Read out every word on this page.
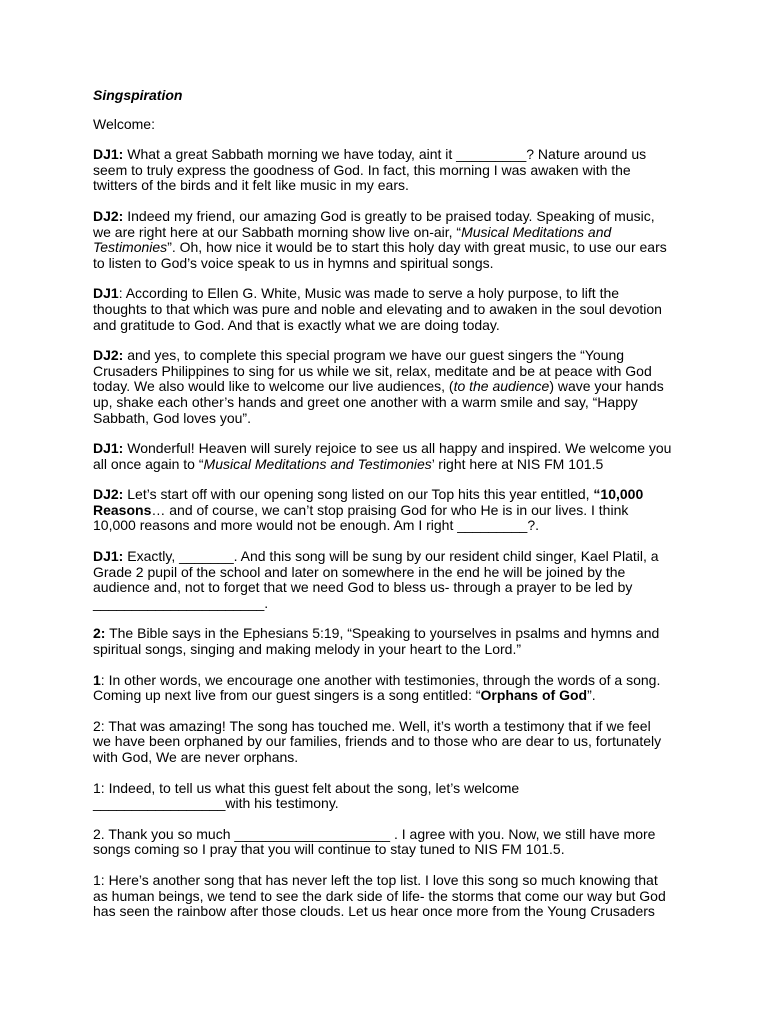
Singspiration

Welcome:

DJ1: What a great Sabbath morning we have today, aint it _________? Nature around us seem to truly express the goodness of God. In fact, this morning I was awaken with the twitters of the birds and it felt like music in my ears.

DJ2: Indeed my friend, our amazing God is greatly to be praised today. Speaking of music, we are right here at our Sabbath morning show live on-air, “Musical Meditations and Testimonies”. Oh, how nice it would be to start this holy day with great music, to use our ears to listen to God’s voice speak to us in hymns and spiritual songs.

DJ1: According to Ellen G. White, Music was made to serve a holy purpose, to lift the thoughts to that which was pure and noble and elevating and to awaken in the soul devotion and gratitude to God. And that is exactly what we are doing today.

DJ2: and yes, to complete this special program we have our guest singers the “Young Crusaders Philippines to sing for us while we sit, relax, meditate and be at peace with God today. We also would like to welcome our live audiences, (to the audience) wave your hands up, shake each other’s hands and greet one another with a warm smile and say, “Happy Sabbath, God loves you”.

DJ1: Wonderful! Heaven will surely rejoice to see us all happy and inspired. We welcome you all once again to “Musical Meditations and Testimonies’ right here at NIS FM 101.5

DJ2: Let’s start off with our opening song listed on our Top hits this year entitled, “10,000 Reasons… and of course, we can’t stop praising God for who He is in our lives. I think 10,000 reasons and more would not be enough. Am I right _________?.

DJ1: Exactly, _______. And this song will be sung by our resident child singer, Kael Platil, a Grade 2 pupil of the school and later on somewhere in the end he will be joined by the audience and, not to forget that we need God to bless us- through a prayer to be led by ______________________.

2: The Bible says in the Ephesians 5:19, “Speaking to yourselves in psalms and hymns and spiritual songs, singing and making melody in your heart to the Lord.”

1: In other words, we encourage one another with testimonies, through the words of a song. Coming up next live from our guest singers is a song entitled: “Orphans of God”.

2: That was amazing! The song has touched me. Well, it’s worth a testimony that if we feel we have been orphaned by our families, friends and to those who are dear to us, fortunately with God, We are never orphans.

1: Indeed, to tell us what this guest felt about the song, let’s welcome _________________with his testimony.

2. Thank you so much ____________________ . I agree with you. Now, we still have more songs coming so I pray that you will continue to stay tuned to NIS FM 101.5.

1: Here’s another song that has never left the top list. I love this song so much knowing that as human beings, we tend to see the dark side of life- the storms that come our way but God has seen the rainbow after those clouds. Let us hear once more from the Young Crusaders
